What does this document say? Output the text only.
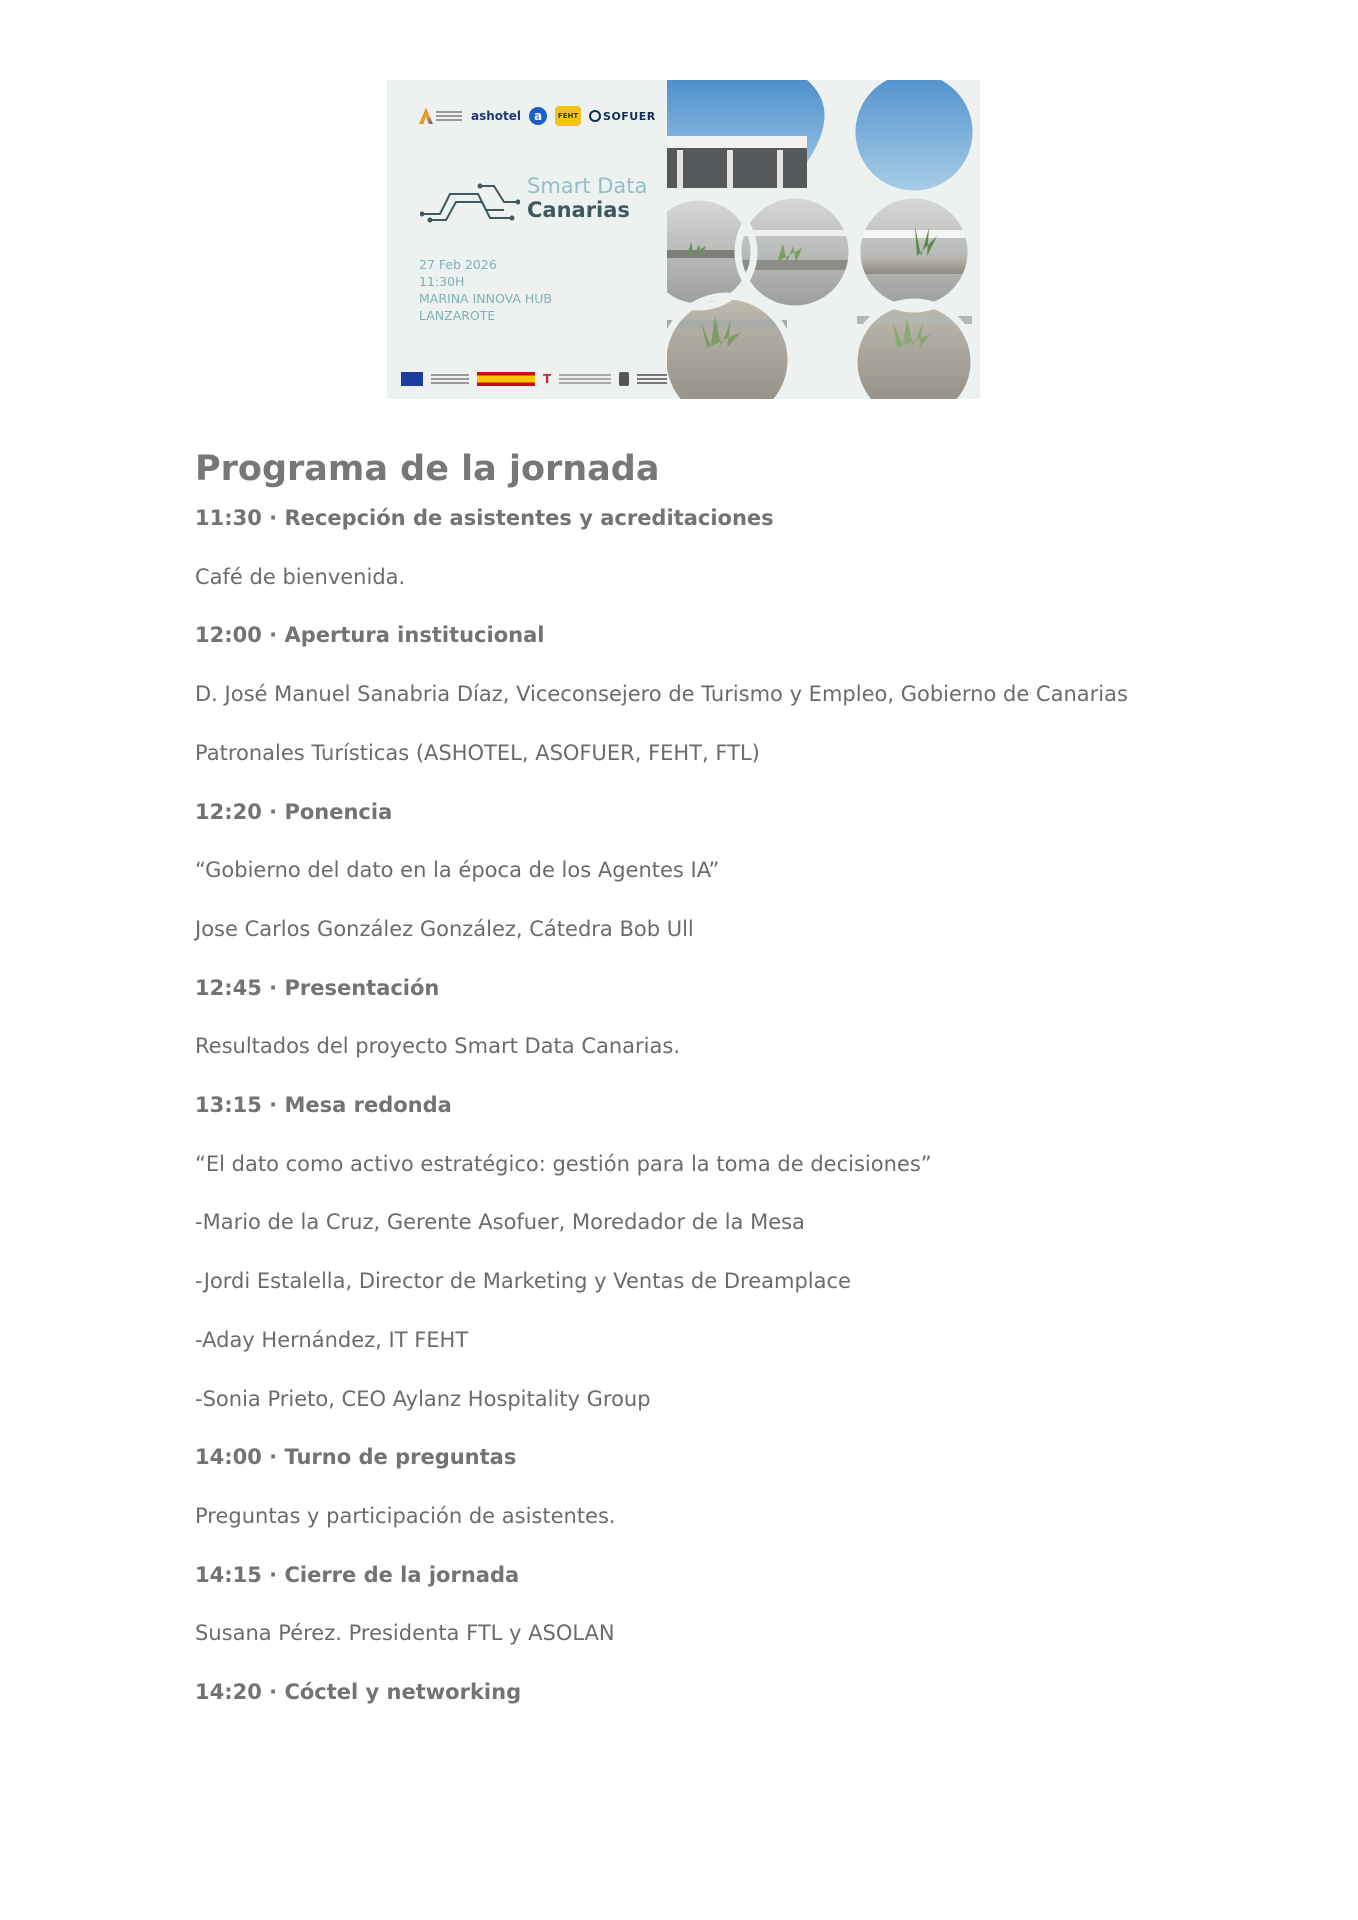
ashotel	a	FEHT	SOFUER
Smart Data
Canarias
27 Feb 2026
11:30H
MARINA INNOVA HUB
LANZAROTE
T
Programa de la jornada
11:30 · Recepción de asistentes y acreditaciones
Café de bienvenida.
12:00 · Apertura institucional
D. José Manuel Sanabria Díaz, Viceconsejero de Turismo y Empleo, Gobierno de Canarias
Patronales Turísticas (ASHOTEL, ASOFUER, FEHT, FTL)
12:20 · Ponencia
“Gobierno del dato en la época de los Agentes IA”
Jose Carlos González González, Cátedra Bob Ull
12:45 · Presentación
Resultados del proyecto Smart Data Canarias.
13:15 · Mesa redonda
“El dato como activo estratégico: gestión para la toma de decisiones”
-Mario de la Cruz, Gerente Asofuer, Moredador de la Mesa
-Jordi Estalella, Director de Marketing y Ventas de Dreamplace
-Aday Hernández, IT FEHT
-Sonia Prieto, CEO Aylanz Hospitality Group
14:00 · Turno de preguntas
Preguntas y participación de asistentes.
14:15 · Cierre de la jornada
Susana Pérez. Presidenta FTL y ASOLAN
14:20 · Cóctel y networking
